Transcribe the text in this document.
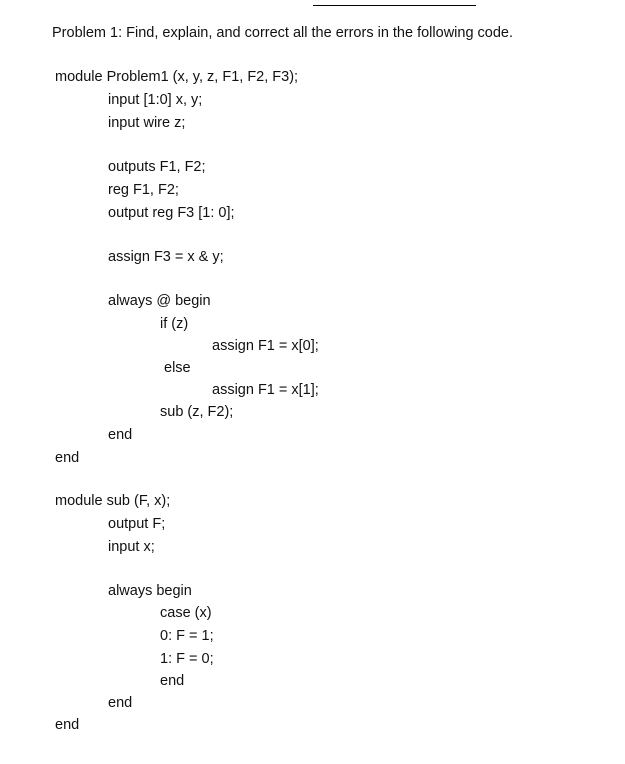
Problem 1: Find, explain, and correct all the errors in the following code.
module Problem1 (x, y, z, F1, F2, F3);
input [1:0] x, y;
input wire z;
outputs F1, F2;
reg F1, F2;
output reg F3 [1: 0];
assign F3 = x & y;
always @ begin
if (z)
assign F1 = x[0];
else
assign F1 = x[1];
sub (z, F2);
end
end
module sub (F, x);
output F;
input x;
always begin
case (x)
0: F = 1;
1: F = 0;
end
end
end
